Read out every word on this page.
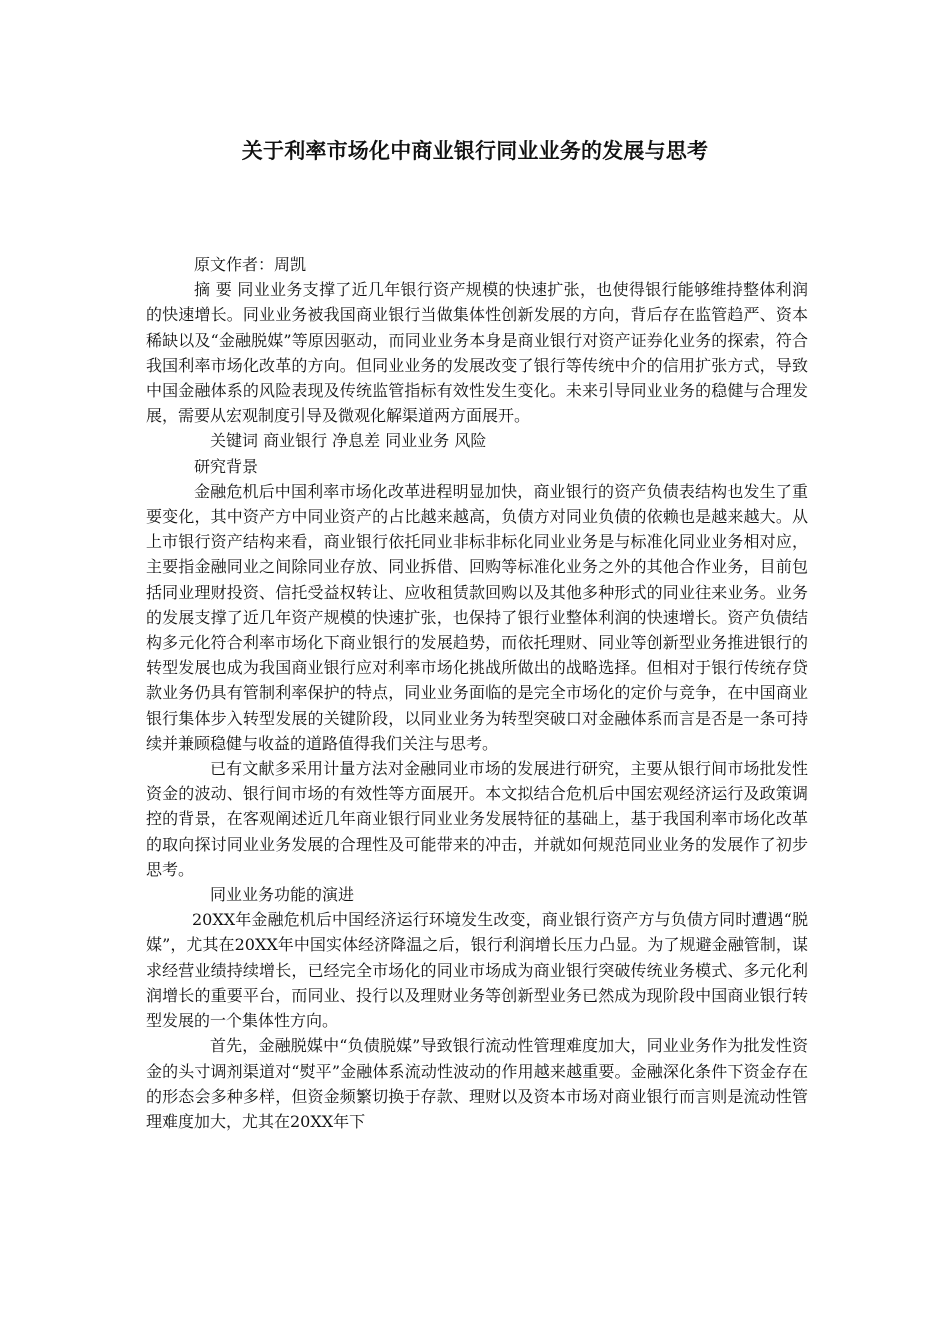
关于利率市场化中商业银行同业业务的发展与思考

原文作者：周凯

摘 要 同业业务支撑了近几年银行资产规模的快速扩张，也使得银行能够维持整体利润的快速增长。同业业务被我国商业银行当做集体性创新发展的方向，背后存在监管趋严、资本稀缺以及“金融脱媒”等原因驱动，而同业业务本身是商业银行对资产证券化业务的探索，符合我国利率市场化改革的方向。但同业业务的发展改变了银行等传统中介的信用扩张方式，导致中国金融体系的风险表现及传统监管指标有效性发生变化。未来引导同业业务的稳健与合理发展，需要从宏观制度引导及微观化解渠道两方面展开。

关键词 商业银行 净息差 同业业务 风险

研究背景

金融危机后中国利率市场化改革进程明显加快，商业银行的资产负债表结构也发生了重要变化，其中资产方中同业资产的占比越来越高，负债方对同业负债的依赖也是越来越大。从上市银行资产结构来看，商业银行依托同业非标非标化同业业务是与标准化同业业务相对应，主要指金融同业之间除同业存放、同业拆借、回购等标准化业务之外的其他合作业务，目前包括同业理财投资、信托受益权转让、应收租赁款回购以及其他多种形式的同业往来业务。业务的发展支撑了近几年资产规模的快速扩张，也保持了银行业整体利润的快速增长。资产负债结构多元化符合利率市场化下商业银行的发展趋势，而依托理财、同业等创新型业务推进银行的转型发展也成为我国商业银行应对利率市场化挑战所做出的战略选择。但相对于银行传统存贷款业务仍具有管制利率保护的特点，同业业务面临的是完全市场化的定价与竞争，在中国商业银行集体步入转型发展的关键阶段，以同业业务为转型突破口对金融体系而言是否是一条可持续并兼顾稳健与收益的道路值得我们关注与思考。

已有文献多采用计量方法对金融同业市场的发展进行研究，主要从银行间市场批发性资金的波动、银行间市场的有效性等方面展开。本文拟结合危机后中国宏观经济运行及政策调控的背景，在客观阐述近几年商业银行同业业务发展特征的基础上，基于我国利率市场化改革的取向探讨同业业务发展的合理性及可能带来的冲击，并就如何规范同业业务的发展作了初步思考。

同业业务功能的演进

20XX年金融危机后中国经济运行环境发生改变，商业银行资产方与负债方同时遭遇“脱媒”，尤其在20XX年中国实体经济降温之后，银行利润增长压力凸显。为了规避金融管制，谋求经营业绩持续增长，已经完全市场化的同业市场成为商业银行突破传统业务模式、多元化利润增长的重要平台，而同业、投行以及理财业务等创新型业务已然成为现阶段中国商业银行转型发展的一个集体性方向。

首先，金融脱媒中“负债脱媒”导致银行流动性管理难度加大，同业业务作为批发性资金的头寸调剂渠道对“熨平”金融体系流动性波动的作用越来越重要。金融深化条件下资金存在的形态会多种多样，但资金频繁切换于存款、理财以及资本市场对商业银行而言则是流动性管理难度加大，尤其在20XX年下
